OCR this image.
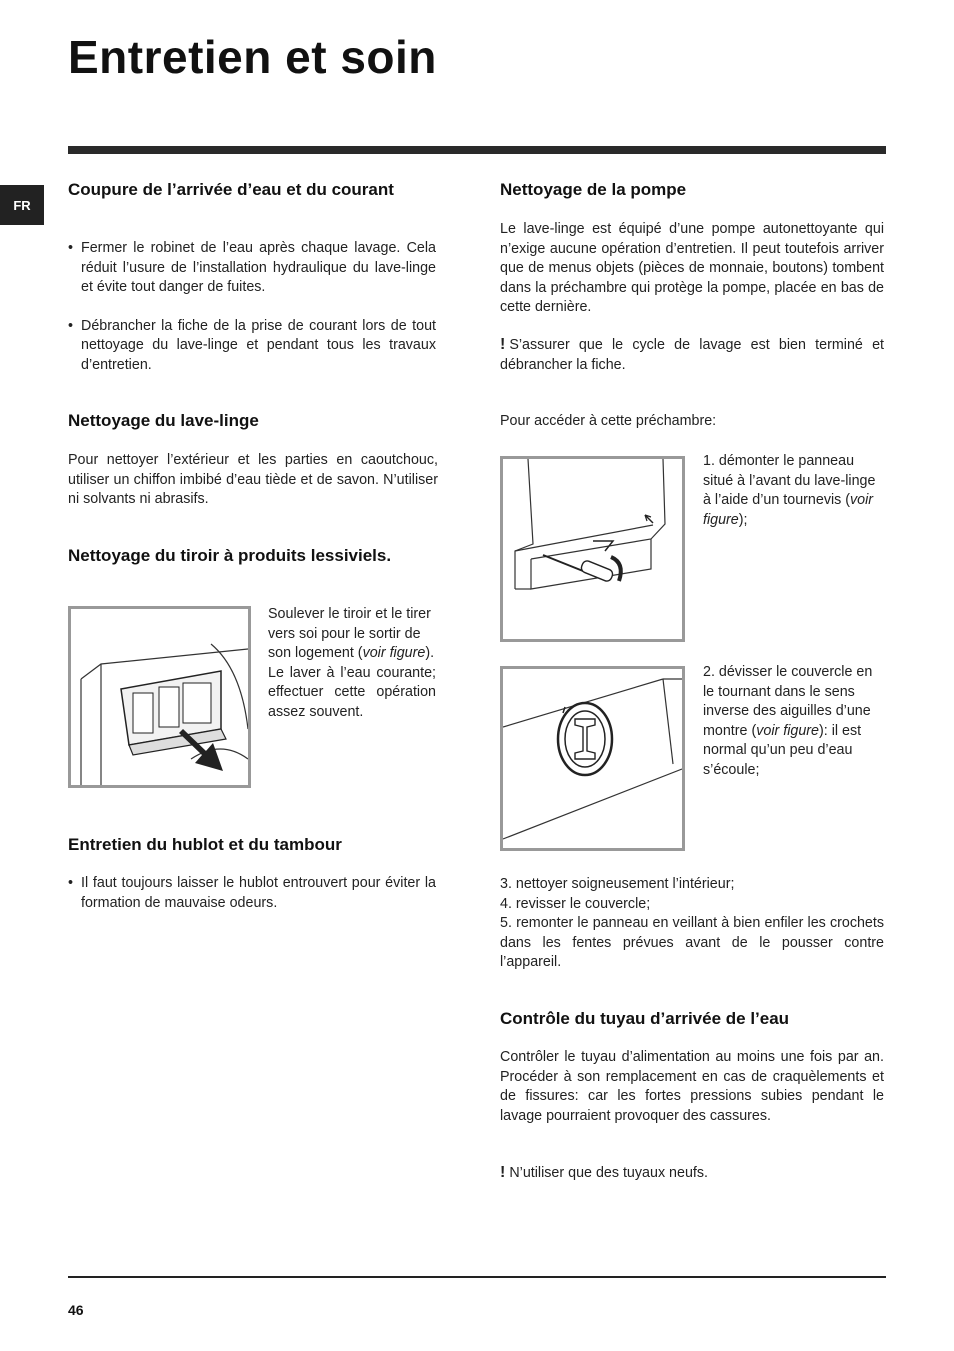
Entretien et soin
FR
Coupure de l’arrivée d’eau et du courant

• Fermer le robinet de l’eau après chaque lavage. Cela réduit l’usure de l’installation hydraulique du lave-linge et évite tout danger de fuites.

• Débrancher la fiche de la prise de courant lors de tout nettoyage du lave-linge et pendant tous les travaux d’entretien.

Nettoyage du lave-linge

Pour nettoyer l’extérieur et les parties en caoutchouc, utiliser un chiffon imbibé d’eau tiède et de savon. N’utiliser ni solvants ni abrasifs.

Nettoyage du tiroir à produits lessiviels.

Soulever le tiroir et le tirer vers soi pour le sortir de son logement (voir figure).

Le laver à l’eau courante; effectuer cette opération assez souvent.

Entretien du hublot et du tambour

• Il faut toujours laisser le hublot entrouvert pour éviter la formation de mauvaise odeurs.

Nettoyage de la pompe

Le lave-linge est équipé d’une pompe autonettoyante qui n’exige aucune opération d’entretien. Il peut toutefois arriver que de menus objets (pièces de monnaie, boutons) tombent dans la préchambre qui protège la pompe, placée en bas de cette dernière.

! S’assurer que le cycle de lavage est bien terminé et débrancher la fiche.

Pour accéder à cette préchambre:

1. démonter le panneau situé à l’avant du lave-linge à l’aide d’un tournevis (voir figure);

2. dévisser le couvercle en le tournant dans le sens inverse des aiguilles d’une montre (voir figure): il est normal qu’un peu d’eau s’écoule;

3. nettoyer soigneusement l’intérieur;

4. revisser le couvercle;

5. remonter le panneau en veillant à bien enfiler les crochets dans les fentes prévues avant de le pousser contre l’appareil.

Contrôle du tuyau d’arrivée de l’eau

Contrôler le tuyau d’alimentation au moins une fois par an. Procéder à son remplacement en cas de craquèlements et de fissures: car les fortes pressions subies pendant le lavage pourraient provoquer des cassures.

! N’utiliser que des tuyaux neufs.

46
